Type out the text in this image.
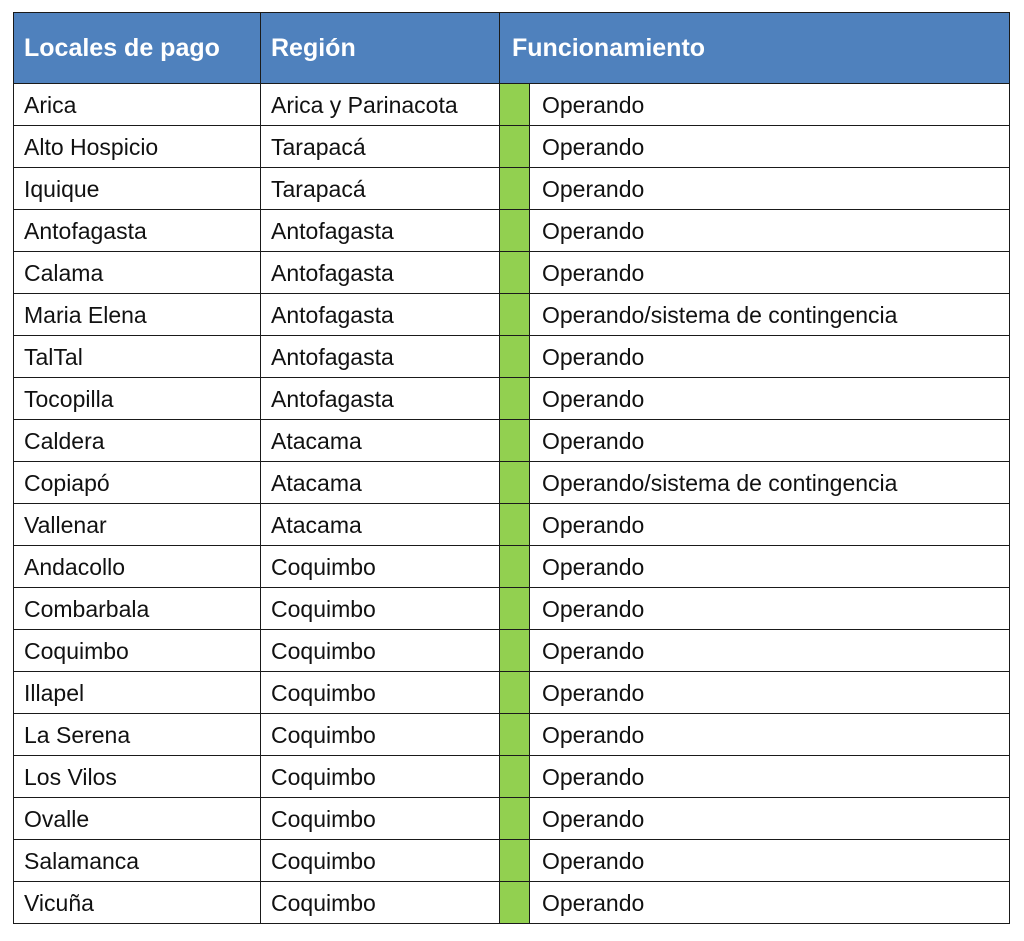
Locales de pago	Región	Funcionamiento	
Arica	Arica y Parinacota		Operando
Alto Hospicio	Tarapacá		Operando
Iquique	Tarapacá		Operando
Antofagasta	Antofagasta		Operando
Calama	Antofagasta		Operando
Maria Elena	Antofagasta		Operando/sistema de contingencia
TalTal	Antofagasta		Operando
Tocopilla	Antofagasta		Operando
Caldera	Atacama		Operando
Copiapó	Atacama		Operando/sistema de contingencia
Vallenar	Atacama		Operando
Andacollo	Coquimbo		Operando
Combarbala	Coquimbo		Operando
Coquimbo	Coquimbo		Operando
Illapel	Coquimbo		Operando
La Serena	Coquimbo		Operando
Los Vilos	Coquimbo		Operando
Ovalle	Coquimbo		Operando
Salamanca	Coquimbo		Operando
Vicuña	Coquimbo		Operando
